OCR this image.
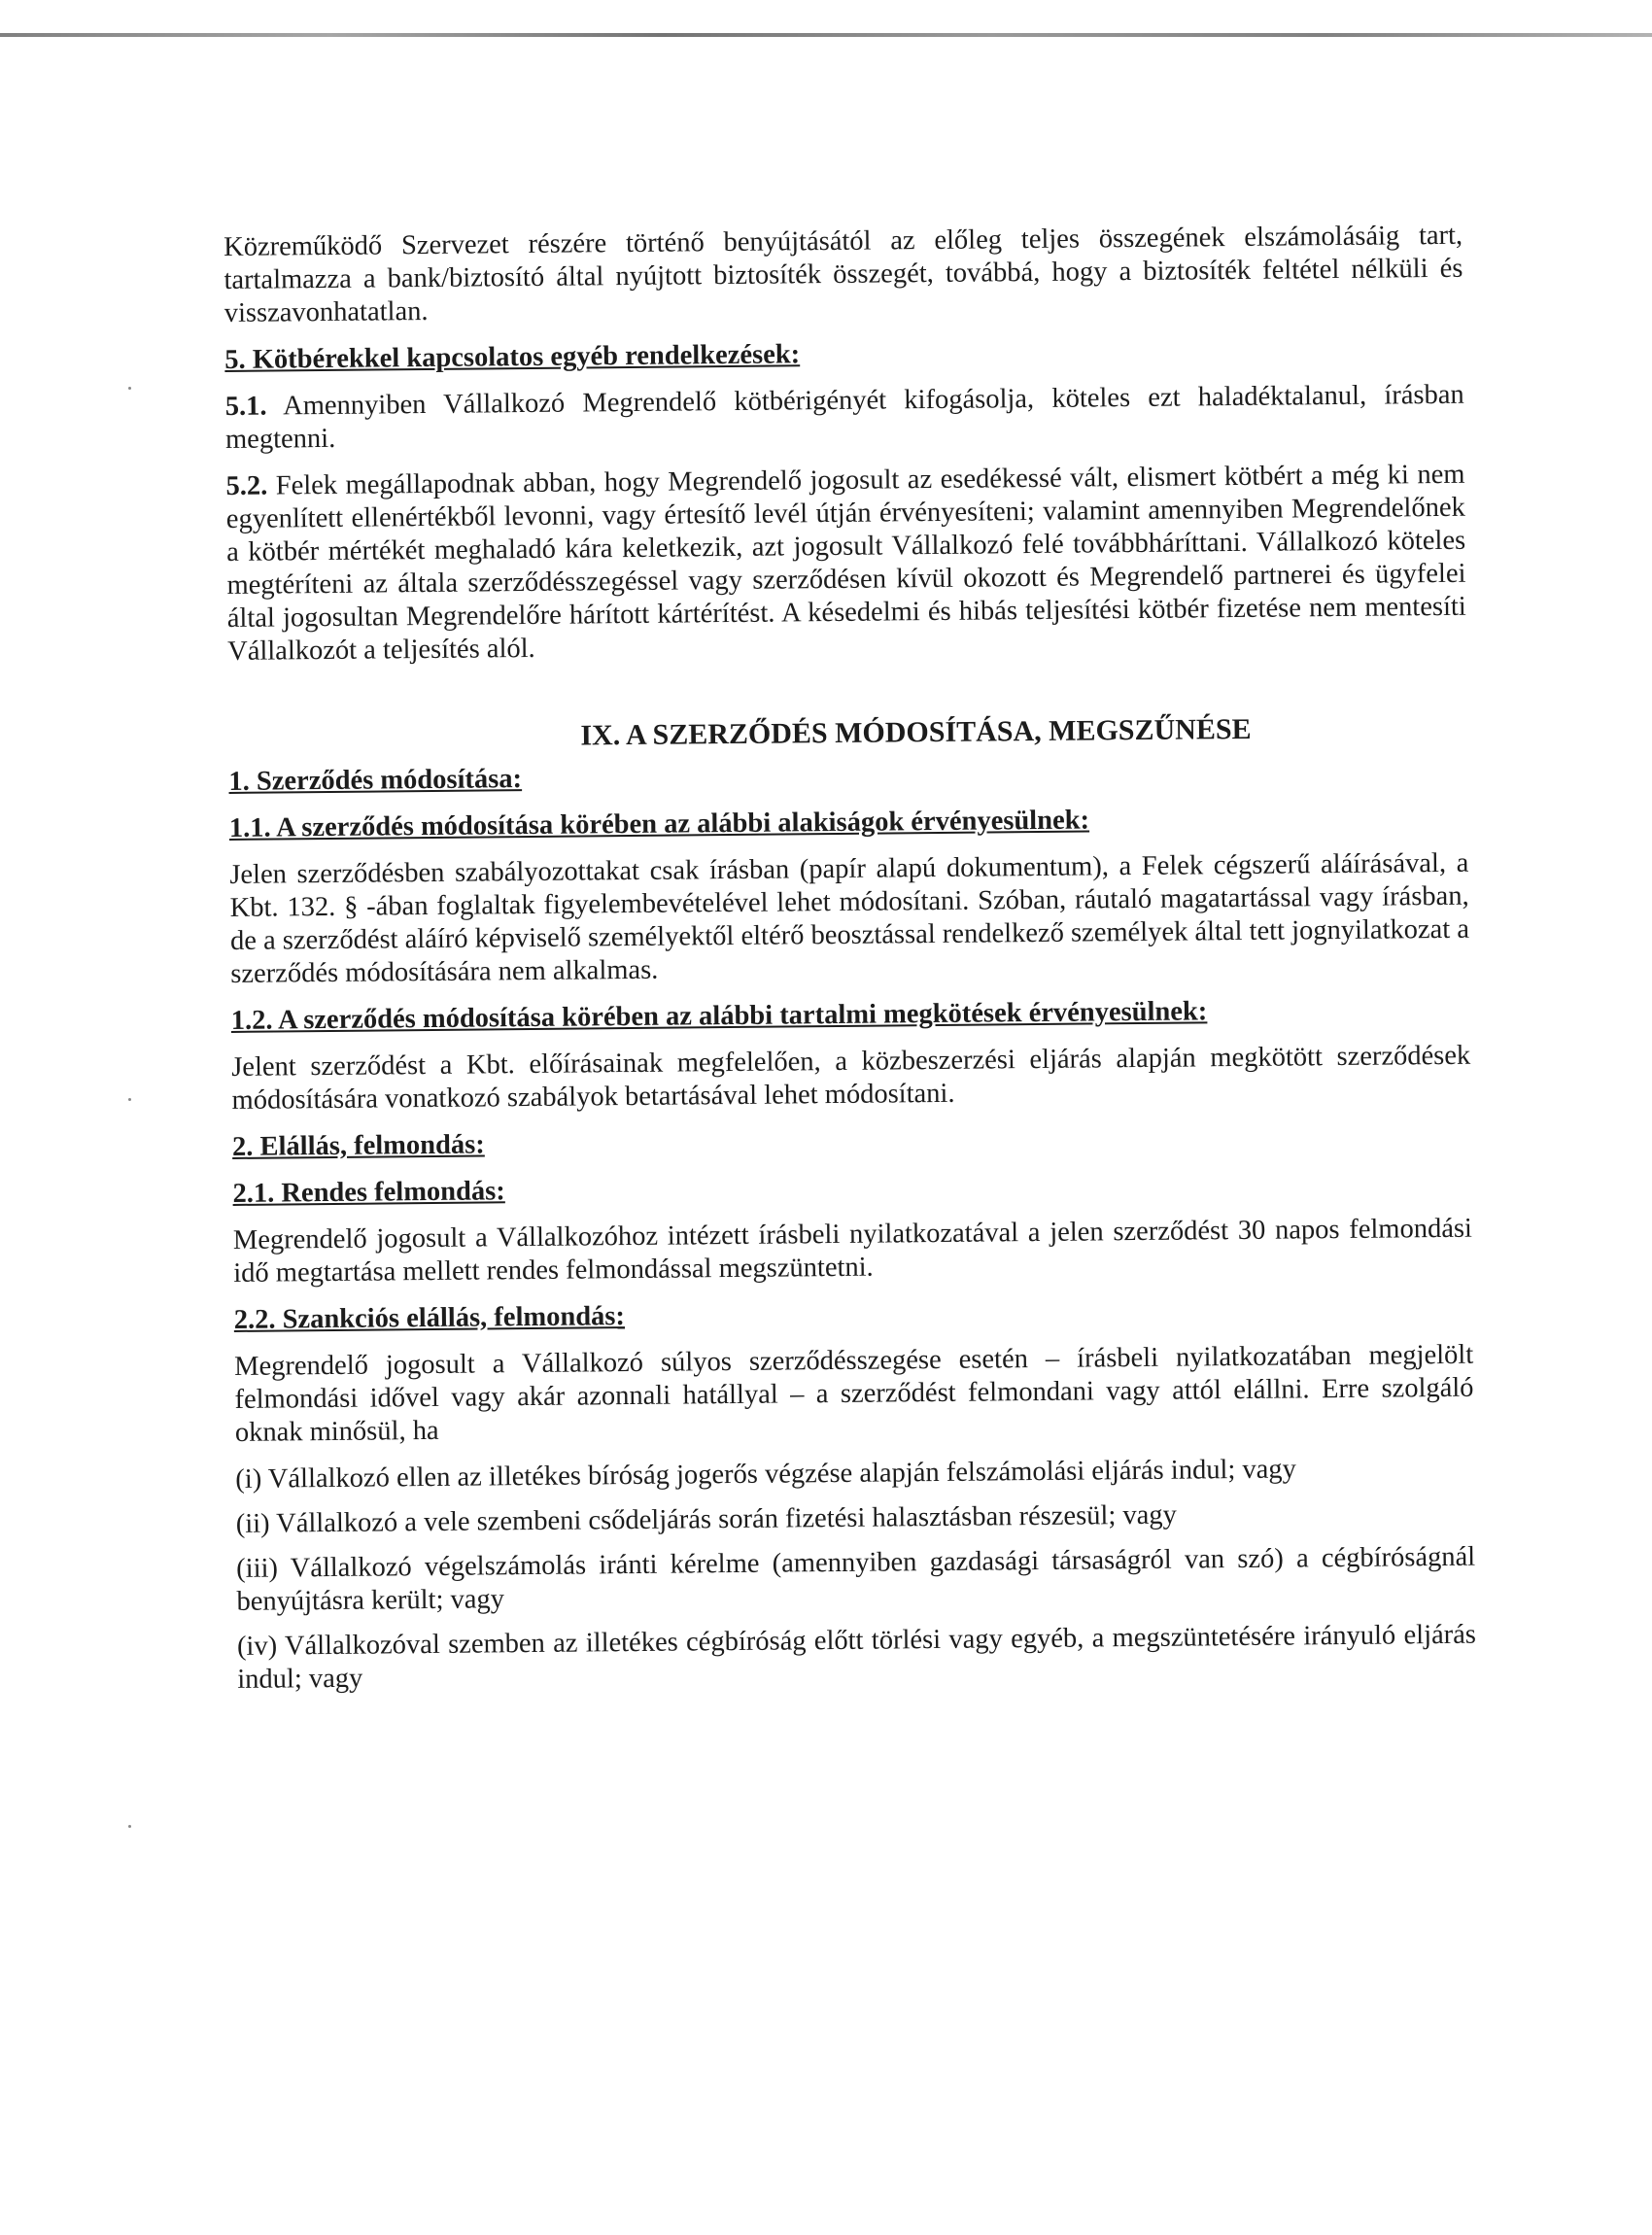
Közreműködő Szervezet részére történő benyújtásától az előleg teljes összegének elszámolásáig tart, tartalmazza a bank/biztosító által nyújtott biztosíték összegét, továbbá, hogy a biztosíték feltétel nélküli és visszavonhatatlan.

5. Kötbérekkel kapcsolatos egyéb rendelkezések:

5.1. Amennyiben Vállalkozó Megrendelő kötbérigényét kifogásolja, köteles ezt haladéktalanul, írásban megtenni.

5.2. Felek megállapodnak abban, hogy Megrendelő jogosult az esedékessé vált, elismert kötbért a még ki nem egyenlített ellenértékből levonni, vagy értesítő levél útján érvényesíteni; valamint amennyiben Megrendelőnek a kötbér mértékét meghaladó kára keletkezik, azt jogosult Vállalkozó felé továbbháríttani. Vállalkozó köteles megtéríteni az általa szerződésszegéssel vagy szerződésen kívül okozott és Megrendelő partnerei és ügyfelei által jogosultan Megrendelőre hárított kártérítést. A késedelmi és hibás teljesítési kötbér fizetése nem mentesíti Vállalkozót a teljesítés alól.

IX. A SZERZŐDÉS MÓDOSÍTÁSA, MEGSZŰNÉSE

1. Szerződés módosítása:

1.1. A szerződés módosítása körében az alábbi alakiságok érvényesülnek:

Jelen szerződésben szabályozottakat csak írásban (papír alapú dokumentum), a Felek cégszerű aláírásával, a Kbt. 132. § -ában foglaltak figyelembevételével lehet módosítani. Szóban, ráutaló magatartással vagy írásban, de a szerződést aláíró képviselő személyektől eltérő beosztással rendelkező személyek által tett jognyilatkozat a szerződés módosítására nem alkalmas.

1.2. A szerződés módosítása körében az alábbi tartalmi megkötések érvényesülnek:

Jelent szerződést a Kbt. előírásainak megfelelően, a közbeszerzési eljárás alapján megkötött szerződések módosítására vonatkozó szabályok betartásával lehet módosítani.

2. Elállás, felmondás:

2.1. Rendes felmondás:

Megrendelő jogosult a Vállalkozóhoz intézett írásbeli nyilatkozatával a jelen szerződést 30 napos felmondási idő megtartása mellett rendes felmondással megszüntetni.

2.2. Szankciós elállás, felmondás:

Megrendelő jogosult a Vállalkozó súlyos szerződésszegése esetén – írásbeli nyilatkozatában megjelölt felmondási idővel vagy akár azonnali hatállyal – a szerződést felmondani vagy attól elállni. Erre szolgáló oknak minősül, ha

(i) Vállalkozó ellen az illetékes bíróság jogerős végzése alapján felszámolási eljárás indul; vagy

(ii) Vállalkozó a vele szembeni csődeljárás során fizetési halasztásban részesül; vagy

(iii) Vállalkozó végelszámolás iránti kérelme (amennyiben gazdasági társaságról van szó) a cégbíróságnál benyújtásra került; vagy

(iv) Vállalkozóval szemben az illetékes cégbíróság előtt törlési vagy egyéb, a megszüntetésére irányuló eljárás indul; vagy
